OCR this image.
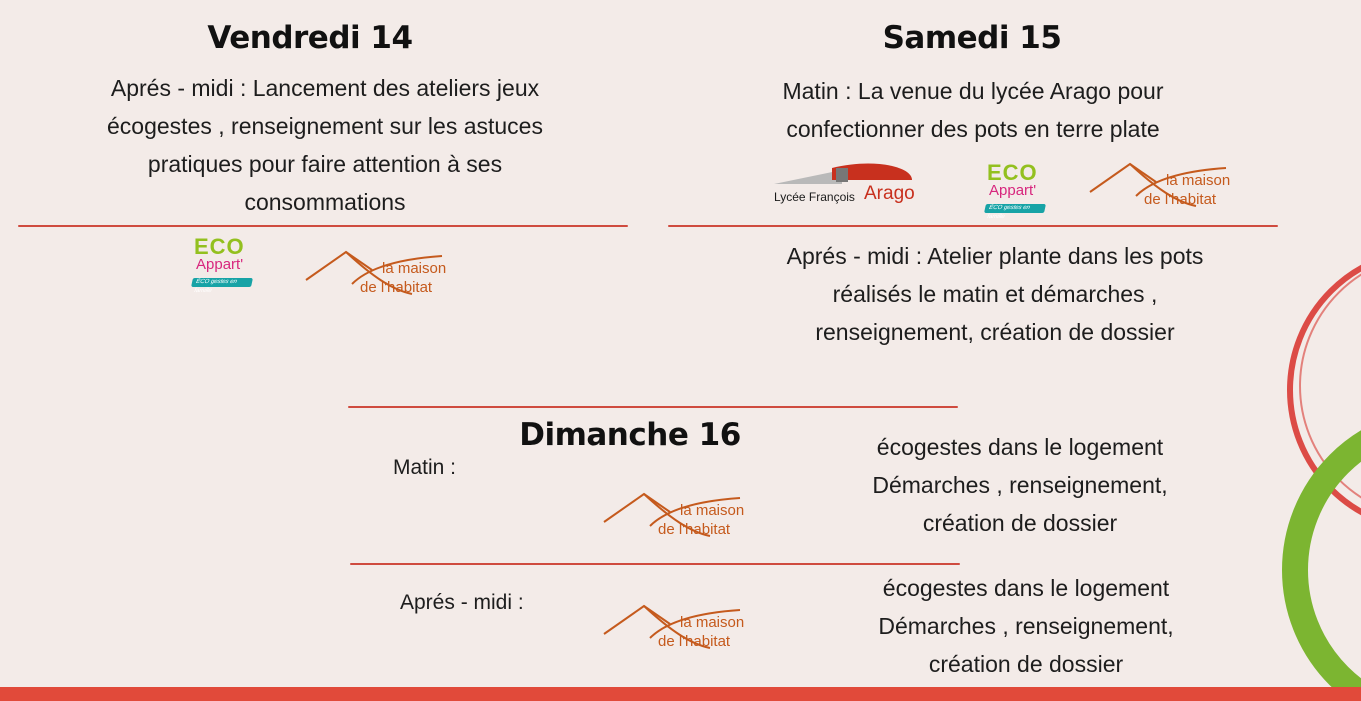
Vendredi 14
Aprés - midi : Lancement des ateliers jeux
écogestes , renseignement sur les astuces
pratiques pour faire attention à ses
consommations
ECO
Appart'
ÉCO gestes en famille
la maison
de l'habitat
Samedi 15
Matin : La venue du lycée Arago pour
confectionner des pots en terre plate
Lycée François Arago
ECO
Appart'
ÉCO gestes en famille
la maison
de l'habitat
Aprés - midi : Atelier plante dans les pots
réalisés le matin et démarches ,
renseignement, création de dossier
Dimanche 16
Matin :
la maison
de l'habitat
écogestes dans le logement
Démarches , renseignement,
création de dossier
Aprés - midi :
la maison
de l'habitat
écogestes dans le logement
Démarches , renseignement,
création de dossier
